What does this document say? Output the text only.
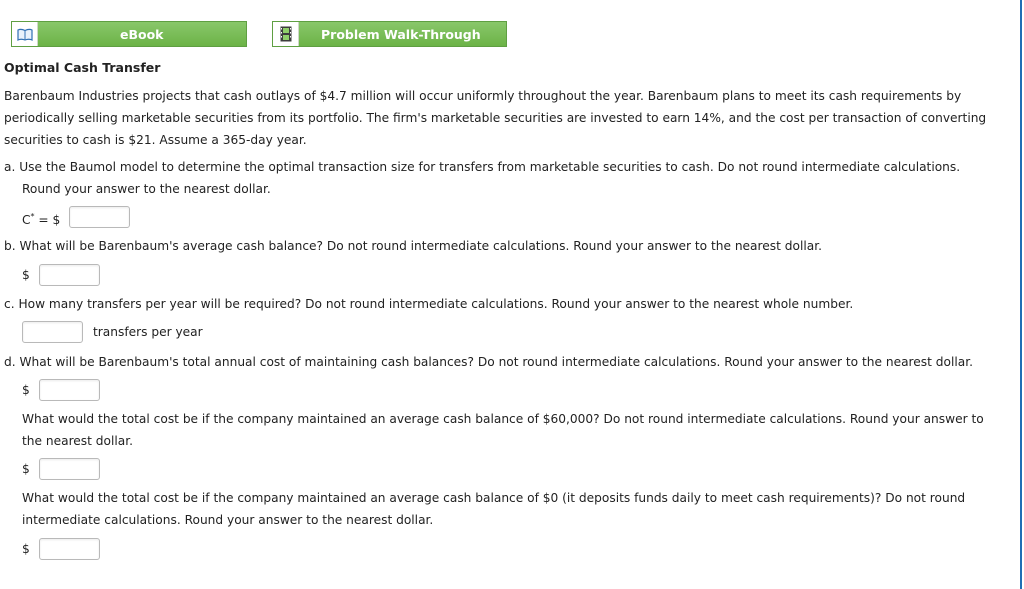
eBook	Problem Walk-Through
Optimal Cash Transfer

Barenbaum Industries projects that cash outlays of $4.7 million will occur uniformly throughout the year. Barenbaum plans to meet its cash requirements by periodically selling marketable securities from its portfolio. The firm's marketable securities are invested to earn 14%, and the cost per transaction of converting securities to cash is $21. Assume a 365-day year.

a. Use the Baumol model to determine the optimal transaction size for transfers from marketable securities to cash. Do not round intermediate calculations.
Round your answer to the nearest dollar.
C* = $
b. What will be Barenbaum's average cash balance? Do not round intermediate calculations. Round your answer to the nearest dollar.
$
c. How many transfers per year will be required? Do not round intermediate calculations. Round your answer to the nearest whole number.
transfers per year
d. What will be Barenbaum's total annual cost of maintaining cash balances? Do not round intermediate calculations. Round your answer to the nearest dollar.
$
What would the total cost be if the company maintained an average cash balance of $60,000? Do not round intermediate calculations. Round your answer to
the nearest dollar.
$
What would the total cost be if the company maintained an average cash balance of $0 (it deposits funds daily to meet cash requirements)? Do not round
intermediate calculations. Round your answer to the nearest dollar.
$
